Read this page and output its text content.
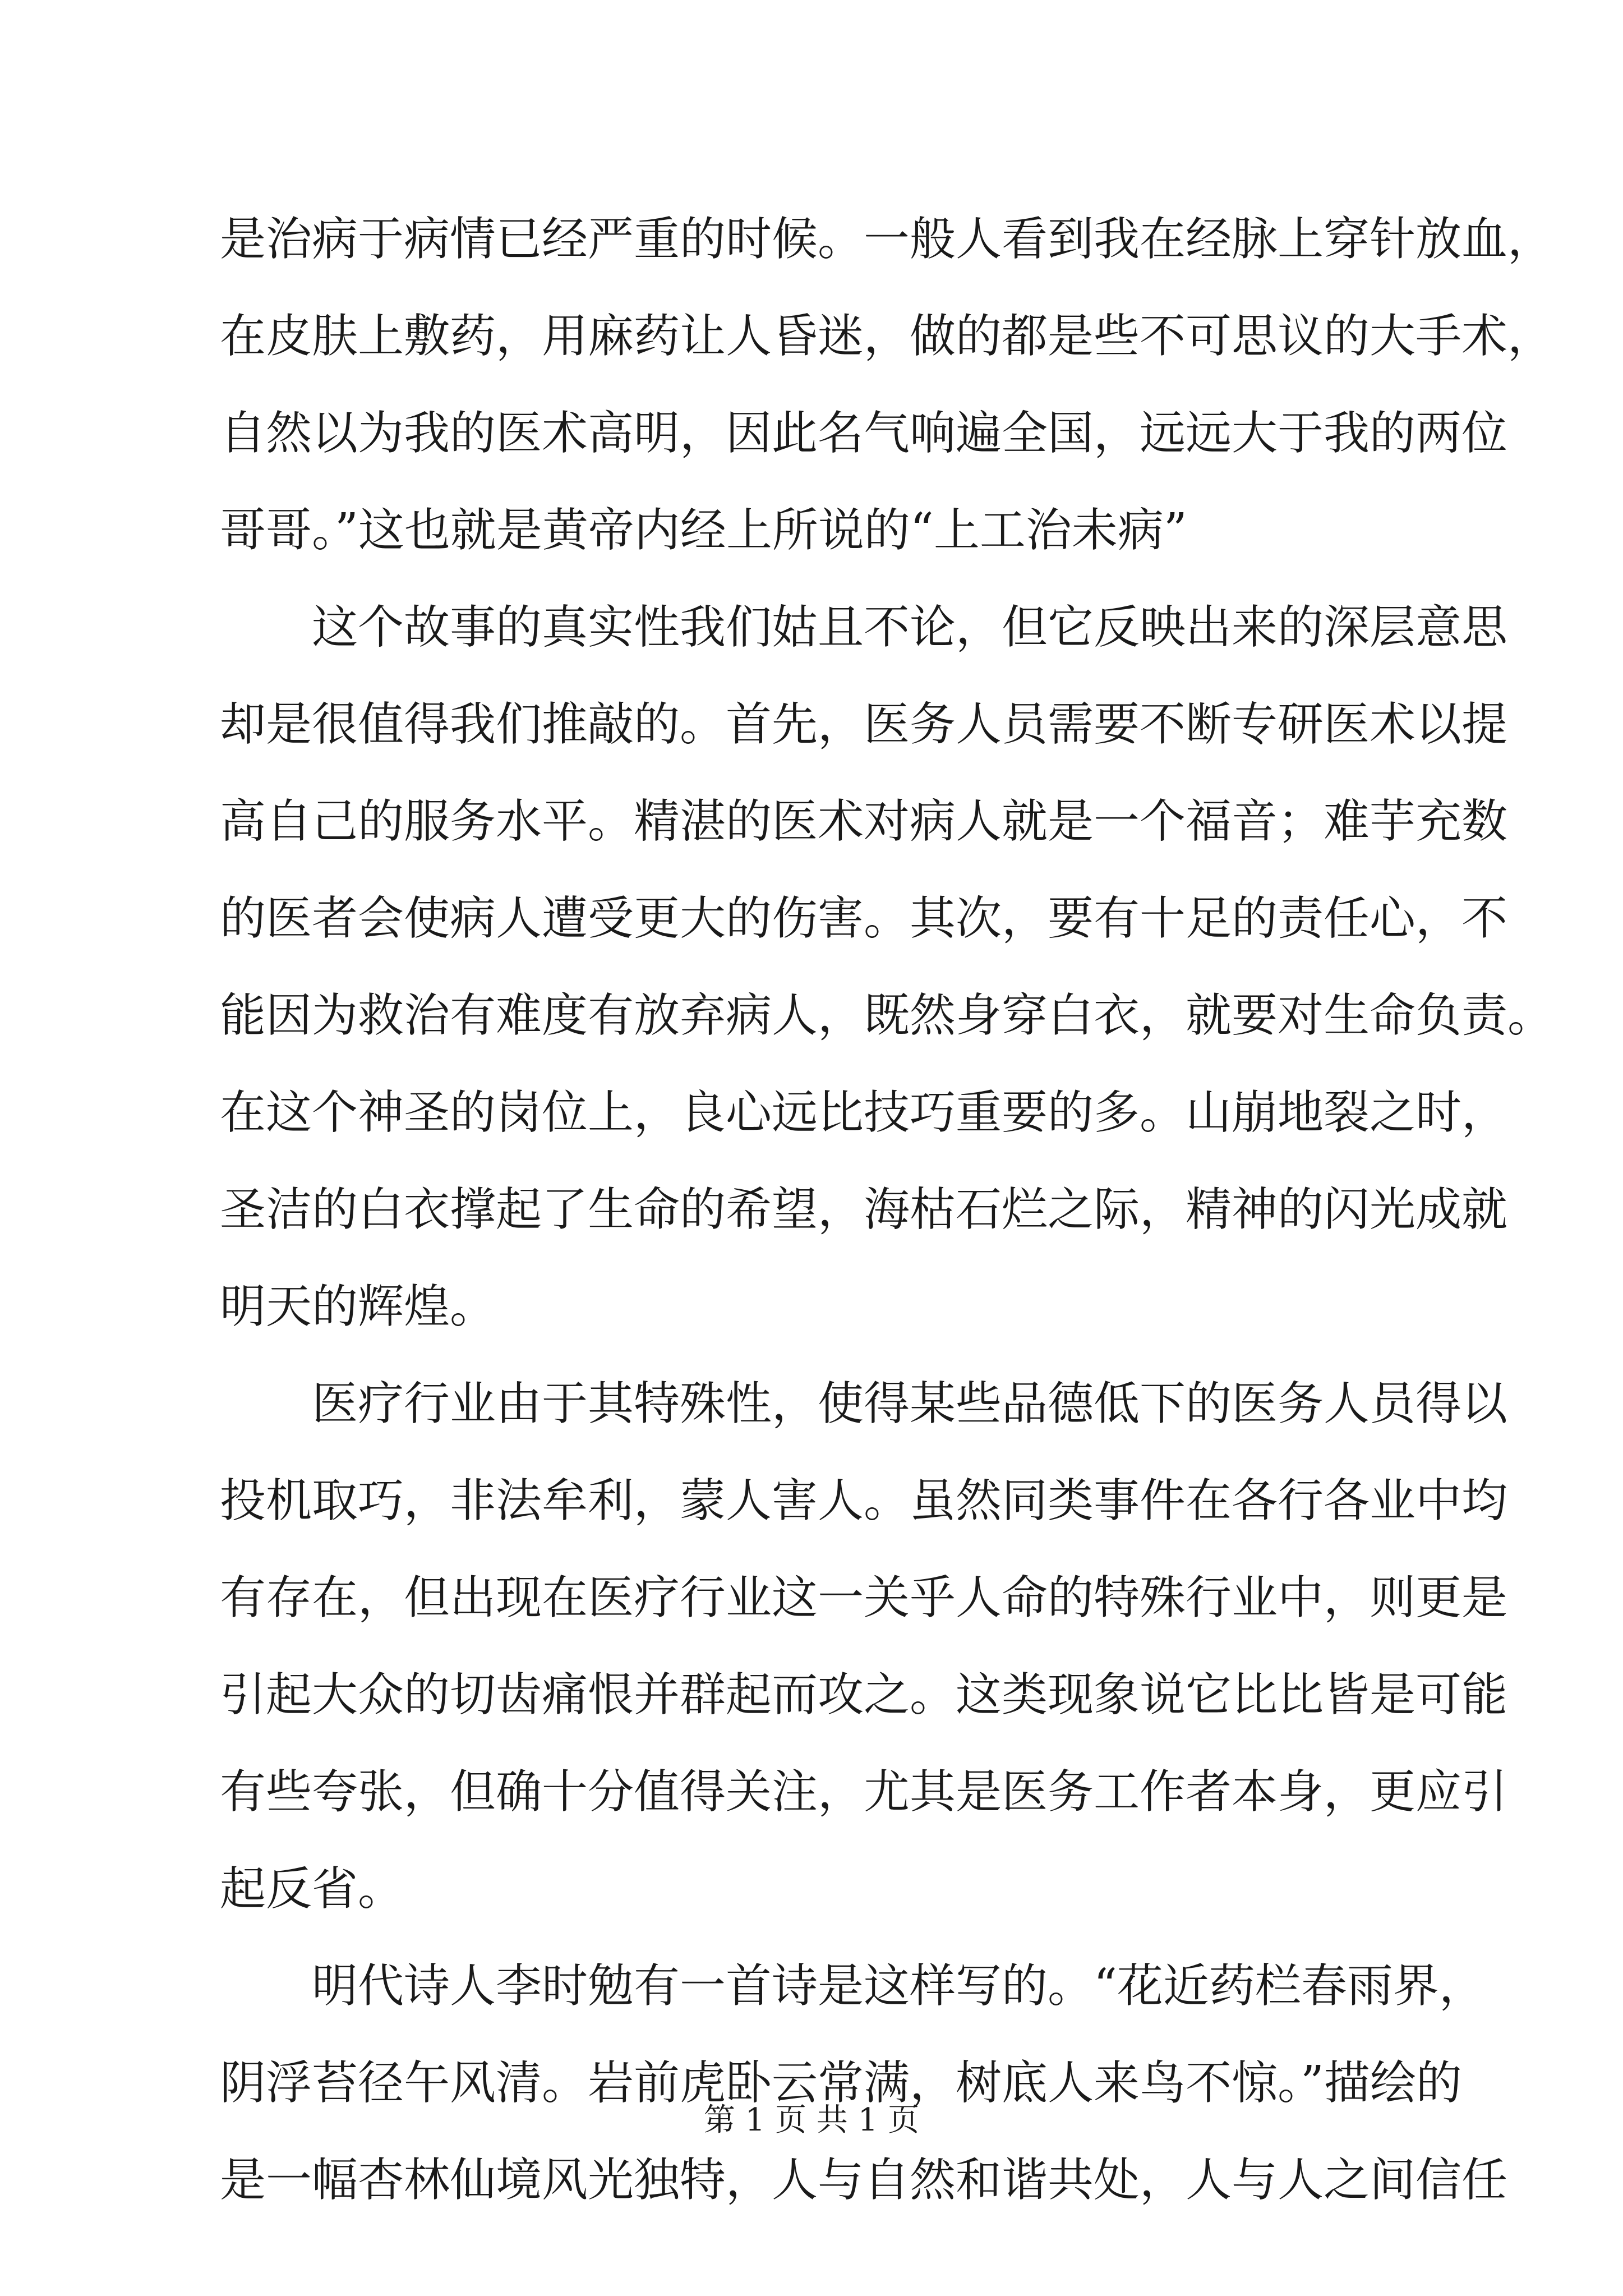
是治病于病情已经严重的时候。一般人看到我在经脉上穿针放血，
在皮肤上敷药，用麻药让人昏迷，做的都是些不可思议的大手术，
自然以为我的医术高明，因此名气响遍全国，远远大于我的两位
哥哥。”这也就是黄帝内经上所说的“上工治未病”
这个故事的真实性我们姑且不论，但它反映出来的深层意思
却是很值得我们推敲的。首先，医务人员需要不断专研医术以提
高自己的服务水平。精湛的医术对病人就是一个福音；难芋充数
的医者会使病人遭受更大的伤害。其次，要有十足的责任心，不
能因为救治有难度有放弃病人，既然身穿白衣，就要对生命负责。
在这个神圣的岗位上，良心远比技巧重要的多。山崩地裂之时，
圣洁的白衣撑起了生命的希望，海枯石烂之际，精神的闪光成就
明天的辉煌。
医疗行业由于其特殊性，使得某些品德低下的医务人员得以
投机取巧，非法牟利，蒙人害人。虽然同类事件在各行各业中均
有存在，但出现在医疗行业这一关乎人命的特殊行业中，则更是
引起大众的切齿痛恨并群起而攻之。这类现象说它比比皆是可能
有些夸张，但确十分值得关注，尤其是医务工作者本身，更应引
起反省。
明代诗人李时勉有一首诗是这样写的。“花近药栏春雨界，
阴浮苔径午风清。岩前虎卧云常满，树底人来鸟不惊。”描绘的
是一幅杏林仙境风光独特，人与自然和谐共处，人与人之间信任
第 1 页 共 1 页
